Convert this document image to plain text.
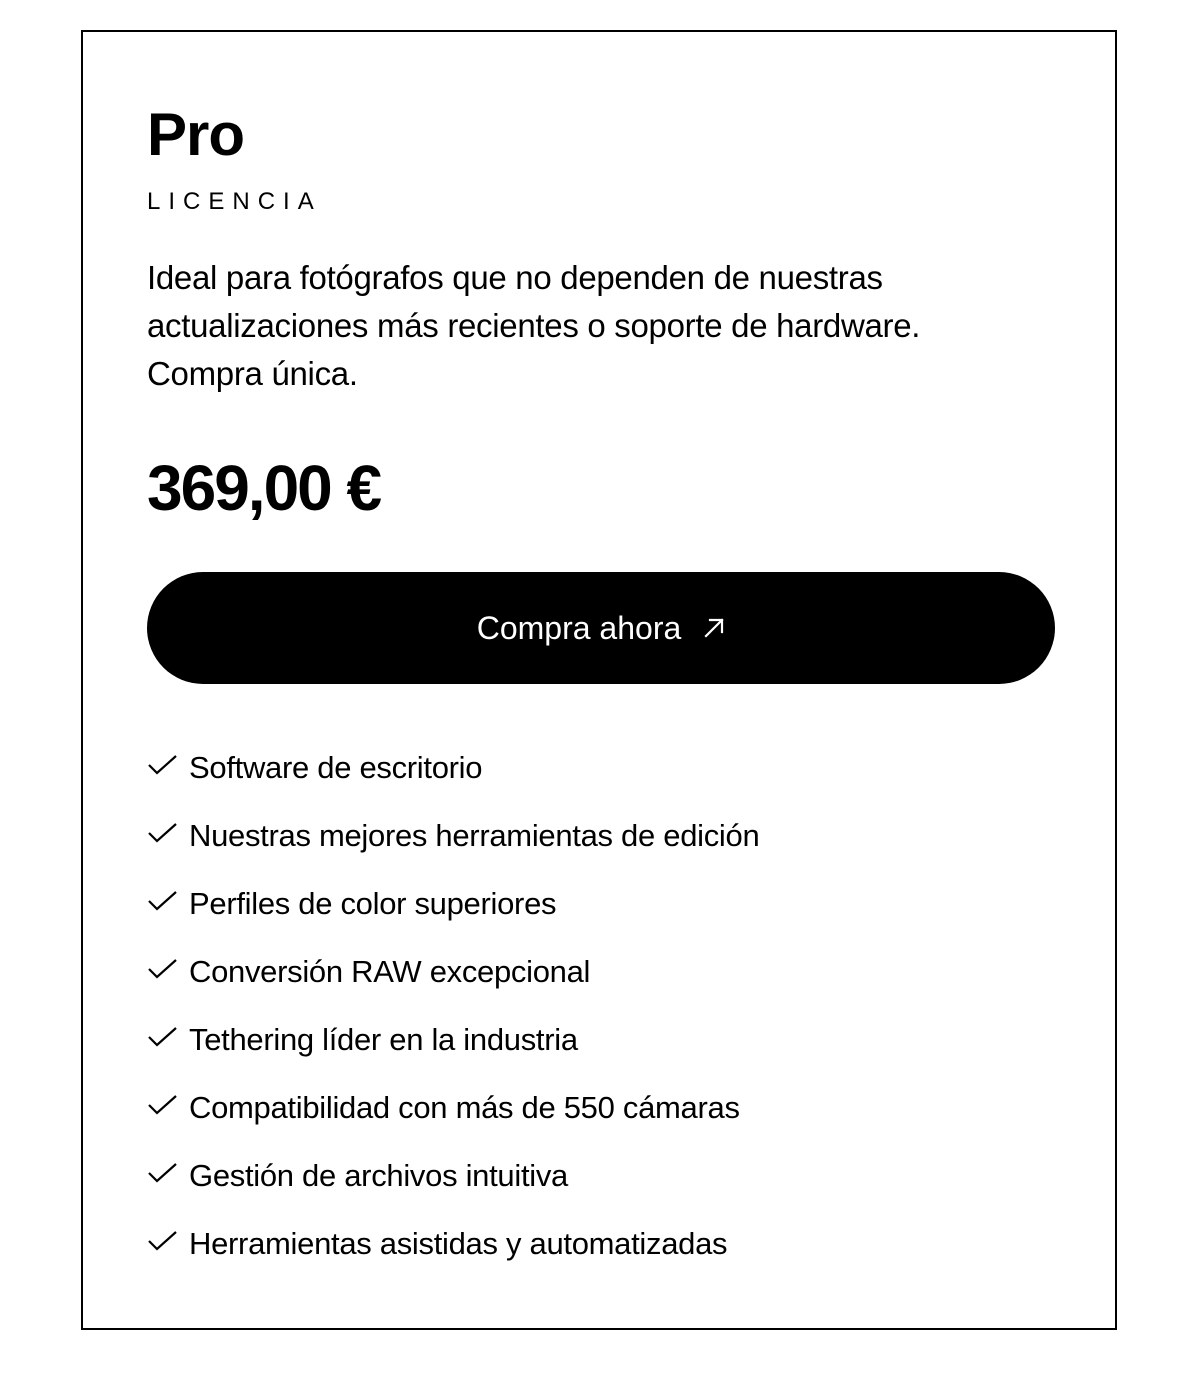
Pro
LICENCIA

Ideal para fotógrafos que no dependen de nuestras actualizaciones más recientes o soporte de hardware. Compra única.

369,00 €
Compra ahora
Software de escritorio
Nuestras mejores herramientas de edición
Perfiles de color superiores
Conversión RAW excepcional
Tethering líder en la industria
Compatibilidad con más de 550 cámaras
Gestión de archivos intuitiva
Herramientas asistidas y automatizadas
